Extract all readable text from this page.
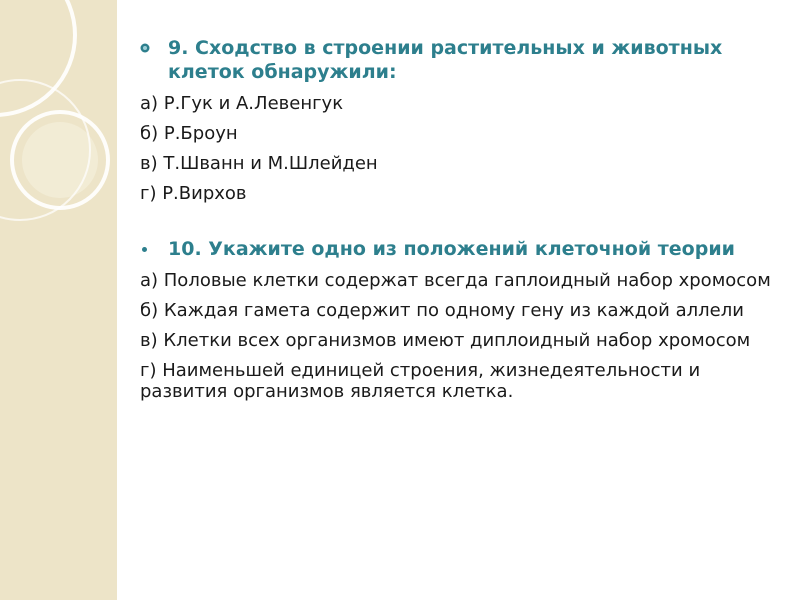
9. Сходство в строении растительных и животных клеток обнаружили:
а) Р.Гук и А.Левенгук
б) Р.Броун
в) Т.Шванн и М.Шлейден
г) Р.Вирхов
10. Укажите одно из положений клеточной теории
а) Половые клетки содержат всегда гаплоидный набор хромосом
б) Каждая гамета содержит по одному гену из каждой аллели
в) Клетки всех организмов имеют диплоидный набор хромосом
г) Наименьшей единицей строения, жизнедеятельности и развития организмов является клетка.
